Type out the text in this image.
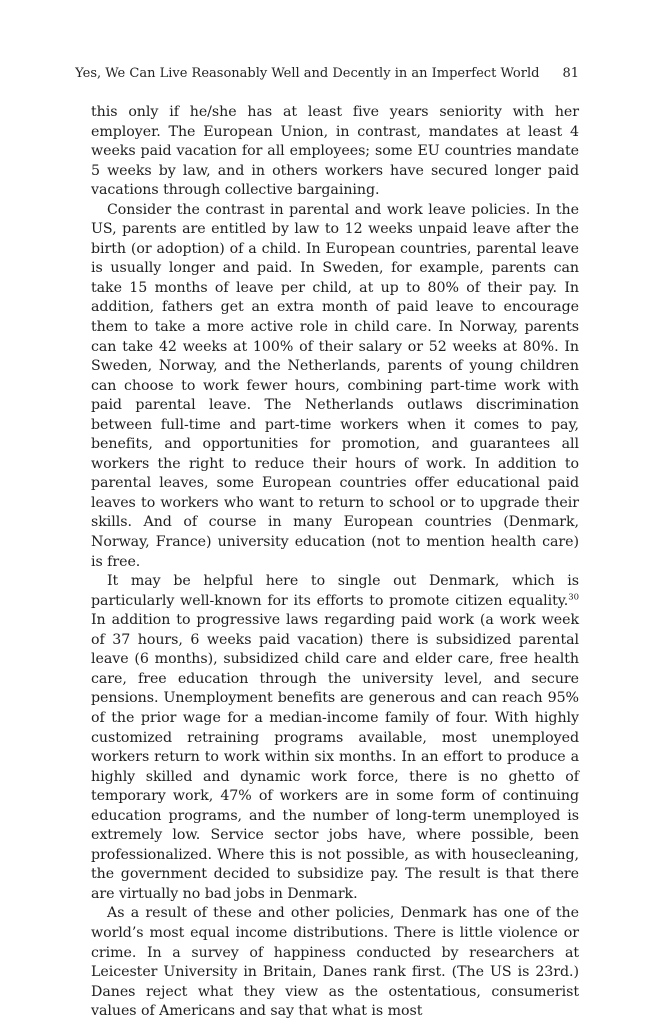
Yes, We Can Live Reasonably Well and Decently in an Imperfect World 81

this only if he/she has at least five years seniority with her employer. The European Union, in contrast, mandates at least 4 weeks paid vacation for all employees; some EU countries mandate 5 weeks by law, and in others workers have secured longer paid vacations through collective bargaining.

Consider the contrast in parental and work leave policies. In the US, parents are entitled by law to 12 weeks unpaid leave after the birth (or adoption) of a child. In European countries, parental leave is usually longer and paid. In Sweden, for example, parents can take 15 months of leave per child, at up to 80% of their pay. In addition, fathers get an extra month of paid leave to encourage them to take a more active role in child care. In Norway, parents can take 42 weeks at 100% of their salary or 52 weeks at 80%. In Sweden, Norway, and the Netherlands, parents of young children can choose to work fewer hours, combining part-time work with paid parental leave. The Netherlands outlaws discrimination between full-time and part-time workers when it comes to pay, benefits, and opportunities for promotion, and guarantees all workers the right to reduce their hours of work. In addition to parental leaves, some European countries offer educational paid leaves to workers who want to return to school or to upgrade their skills. And of course in many European countries (Denmark, Norway, France) university education (not to mention health care) is free.

It may be helpful here to single out Denmark, which is particularly well-known for its efforts to promote citizen equality.$^{30}$ In addition to progressive laws regarding paid work (a work week of 37 hours, 6 weeks paid vacation) there is subsidized parental leave (6 months), subsidized child care and elder care, free health care, free education through the university level, and secure pensions. Unemployment benefits are generous and can reach 95% of the prior wage for a median-income family of four. With highly customized retraining programs available, most unemployed workers return to work within six months. In an effort to produce a highly skilled and dynamic work force, there is no ghetto of temporary work, 47% of workers are in some form of continuing education programs, and the number of long-term unemployed is extremely low. Service sector jobs have, where possible, been professionalized. Where this is not possible, as with housecleaning, the government decided to subsidize pay. The result is that there are virtually no bad jobs in Denmark.

As a result of these and other policies, Denmark has one of the world’s most equal income distributions. There is little violence or crime. In a survey of happiness conducted by researchers at Leicester University in Britain, Danes rank first. (The US is 23rd.) Danes reject what they view as the ostentatious, consumerist values of Americans and say that what is most
